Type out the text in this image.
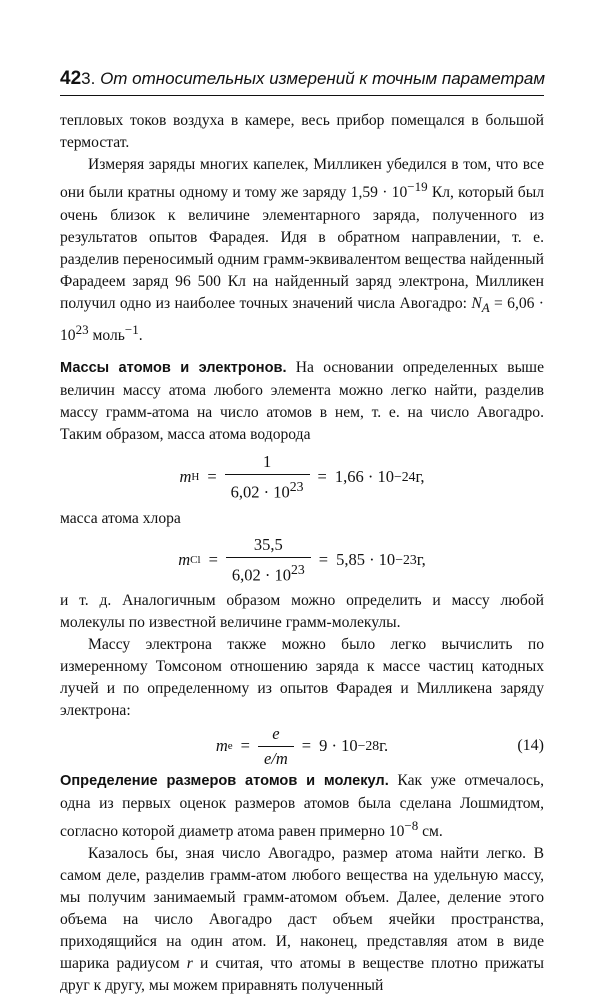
42 3. От относительных измерений к точным параметрам

тепловых токов воздуха в камере, весь прибор помещался в большой термостат.

Измеряя заряды многих капелек, Милликен убедился в том, что все они были кратны одному и тому же заряду $1,59 \cdot 10^{-19}$ Кл, который был очень близок к величине элементарного заряда, полученного из результатов опытов Фарадея. Идя в обратном направлении, т. е. разделив переносимый одним грамм-эквивалентом вещества найденный Фарадеем заряд 96 500 Кл на найденный заряд электрона, Милликен получил одно из наиболее точных значений числа Авогадро: $N_A = 6,06 \cdot 10^{23}$ моль$^{-1}$.

Массы атомов и электронов. На основании определенных выше величин массу атома любого элемента можно легко найти, разделив массу грамм-атома на число атомов в нем, т. е. на число Авогадро. Таким образом, масса атома водорода

m $H = \frac{1}{6,02 \cdot 10^{23}} = 1,66 \cdot 10 -24$ г,

масса атома хлора

m $Cl = \frac{35,5}{6,02 \cdot 10^{23}} = 5,85 \cdot 10 -23$ г,

и т. д. Аналогичным образом можно определить и массу любой молекулы по известной величине грамм-молекулы.

Массу электрона также можно было легко вычислить по измеренному Томсоном отношению заряда к массе частиц катодных лучей и по определенному из опытов Фарадея и Милликена заряду электрона:

m $e = \frac{e}{e/m} = 9 \cdot 10 -28$ г.	(14)

Определение размеров атомов и молекул. Как уже отмечалось, одна из первых оценок размеров атомов была сделана Лошмидтом, согласно которой диаметр атома равен примерно $10^{-8}$ см.

Казалось бы, зная число Авогадро, размер атома найти легко. В самом деле, разделив грамм-атом любого вещества на удельную массу, мы получим занимаемый грамм-атомом объем. Далее, деление этого объема на число Авогадро даст объем ячейки пространства, приходящийся на один атом. И, наконец, представляя атом в виде шарика радиусом r и считая, что атомы в веществе плотно прижаты друг к другу, мы можем приравнять полученный
